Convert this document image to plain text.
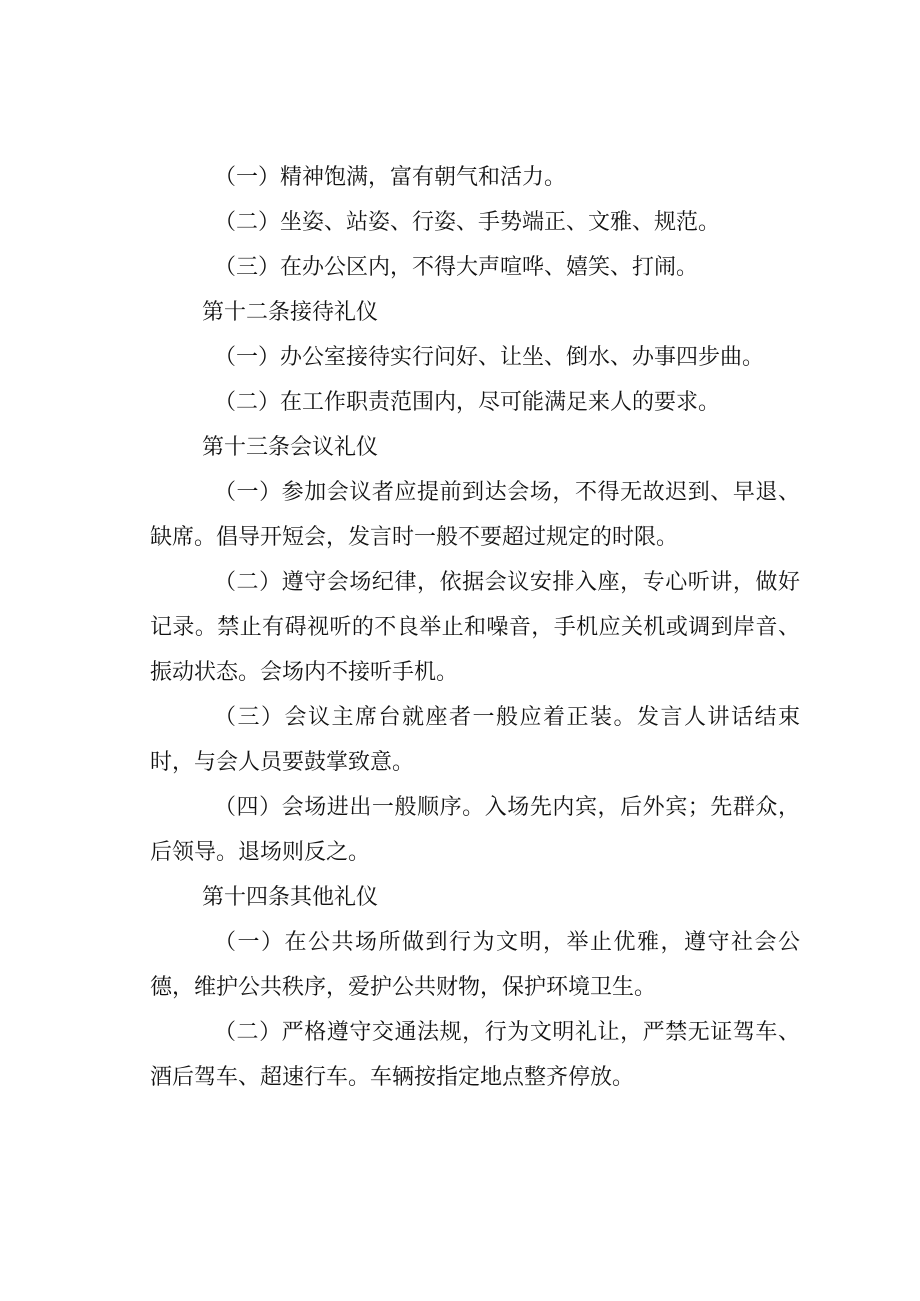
（一）精神饱满，富有朝气和活力。

（二）坐姿、站姿、行姿、手势端正、文雅、规范。

（三）在办公区内，不得大声喧哗、嬉笑、打闹。

第十二条接待礼仪

（一）办公室接待实行问好、让坐、倒水、办事四步曲。

（二）在工作职责范围内，尽可能满足来人的要求。

第十三条会议礼仪

（一）参加会议者应提前到达会场，不得无故迟到、早退、缺席。倡导开短会，发言时一般不要超过规定的时限。

（二）遵守会场纪律，依据会议安排入座，专心听讲，做好记录。禁止有碍视听的不良举止和噪音，手机应关机或调到岸音、振动状态。会场内不接听手机。

（三）会议主席台就座者一般应着正装。发言人讲话结束时，与会人员要鼓掌致意。

（四）会场进出一般顺序。入场先内宾，后外宾；先群众，后领导。退场则反之。

第十四条其他礼仪

（一）在公共场所做到行为文明，举止优雅，遵守社会公德，维护公共秩序，爱护公共财物，保护环境卫生。

（二）严格遵守交通法规，行为文明礼让，严禁无证驾车、酒后驾车、超速行车。车辆按指定地点整齐停放。
